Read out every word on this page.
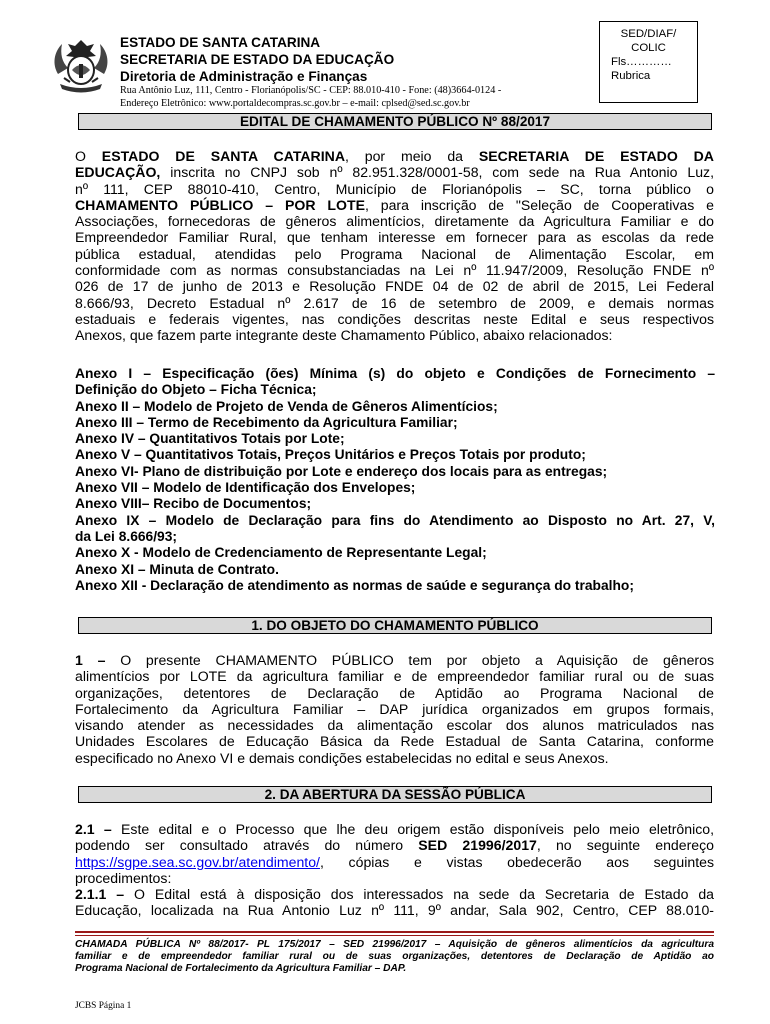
ESTADO DE SANTA CATARINA
SECRETARIA DE ESTADO DA EDUCAÇÃO
Diretoria de Administração e Finanças
Rua Antônio Luz, 111, Centro - Florianópolis/SC - CEP: 88.010-410 - Fone: (48)3664-0124 -
Endereço Eletrônico: www.portaldecompras.sc.gov.br – e-mail: cplsed@sed.sc.gov.br
SED/DIAF/
COLIC
Fls…………
Rubrica
EDITAL DE CHAMAMENTO PÚBLICO Nº 88/2017
O ESTADO DE SANTA CATARINA, por meio da SECRETARIA DE ESTADO DA
EDUCAÇÃO, inscrita no CNPJ sob nº 82.951.328/0001-58, com sede na Rua Antonio Luz,
nº 111, CEP 88010-410, Centro, Município de Florianópolis – SC, torna público o
CHAMAMENTO PÚBLICO – POR LOTE, para inscrição de "Seleção de Cooperativas e
Associações, fornecedoras de gêneros alimentícios, diretamente da Agricultura Familiar e do
Empreendedor Familiar Rural, que tenham interesse em fornecer para as escolas da rede
pública estadual, atendidas pelo Programa Nacional de Alimentação Escolar, em
conformidade com as normas consubstanciadas na Lei nº 11.947/2009, Resolução FNDE nº
026 de 17 de junho de 2013 e Resolução FNDE 04 de 02 de abril de 2015, Lei Federal
8.666/93, Decreto Estadual nº 2.617 de 16 de setembro de 2009, e demais normas
estaduais e federais vigentes, nas condições descritas neste Edital e seus respectivos
Anexos, que fazem parte integrante deste Chamamento Público, abaixo relacionados:
Anexo I – Especificação (ões) Mínima (s) do objeto e Condições de Fornecimento –
Definição do Objeto – Ficha Técnica;
Anexo II – Modelo de Projeto de Venda de Gêneros Alimentícios;
Anexo III – Termo de Recebimento da Agricultura Familiar;
Anexo IV – Quantitativos Totais por Lote;
Anexo V – Quantitativos Totais, Preços Unitários e Preços Totais por produto;
Anexo VI- Plano de distribuição por Lote e endereço dos locais para as entregas;
Anexo VII – Modelo de Identificação dos Envelopes;
Anexo VIII– Recibo de Documentos;
Anexo IX – Modelo de Declaração para fins do Atendimento ao Disposto no Art. 27, V,
da Lei 8.666/93;
Anexo X - Modelo de Credenciamento de Representante Legal;
Anexo XI – Minuta de Contrato.
Anexo XII - Declaração de atendimento as normas de saúde e segurança do trabalho;
1. DO OBJETO DO CHAMAMENTO PÚBLICO
1 – O presente CHAMAMENTO PÚBLICO tem por objeto a Aquisição de gêneros
alimentícios por LOTE da agricultura familiar e de empreendedor familiar rural ou de suas
organizações, detentores de Declaração de Aptidão ao Programa Nacional de
Fortalecimento da Agricultura Familiar – DAP jurídica organizados em grupos formais,
visando atender as necessidades da alimentação escolar dos alunos matriculados nas
Unidades Escolares de Educação Básica da Rede Estadual de Santa Catarina, conforme
especificado no Anexo VI e demais condições estabelecidas no edital e seus Anexos.
2. DA ABERTURA DA SESSÃO PÚBLICA
2.1 – Este edital e o Processo que lhe deu origem estão disponíveis pelo meio eletrônico,
podendo ser consultado através do número SED 21996/2017, no seguinte endereço
https://sgpe.sea.sc.gov.br/atendimento/, cópias e vistas obedecerão aos seguintes
procedimentos:
2.1.1 – O Edital está à disposição dos interessados na sede da Secretaria de Estado da
Educação, localizada na Rua Antonio Luz nº 111, 9º andar, Sala 902, Centro, CEP 88.010-
CHAMADA PÚBLICA Nº 88/2017- PL 175/2017 – SED 21996/2017 – Aquisição de gêneros alimentícios da agricultura
familiar e de empreendedor familiar rural ou de suas organizações, detentores de Declaração de Aptidão ao
Programa Nacional de Fortalecimento da Agricultura Familiar – DAP.
JCBS Página 1
